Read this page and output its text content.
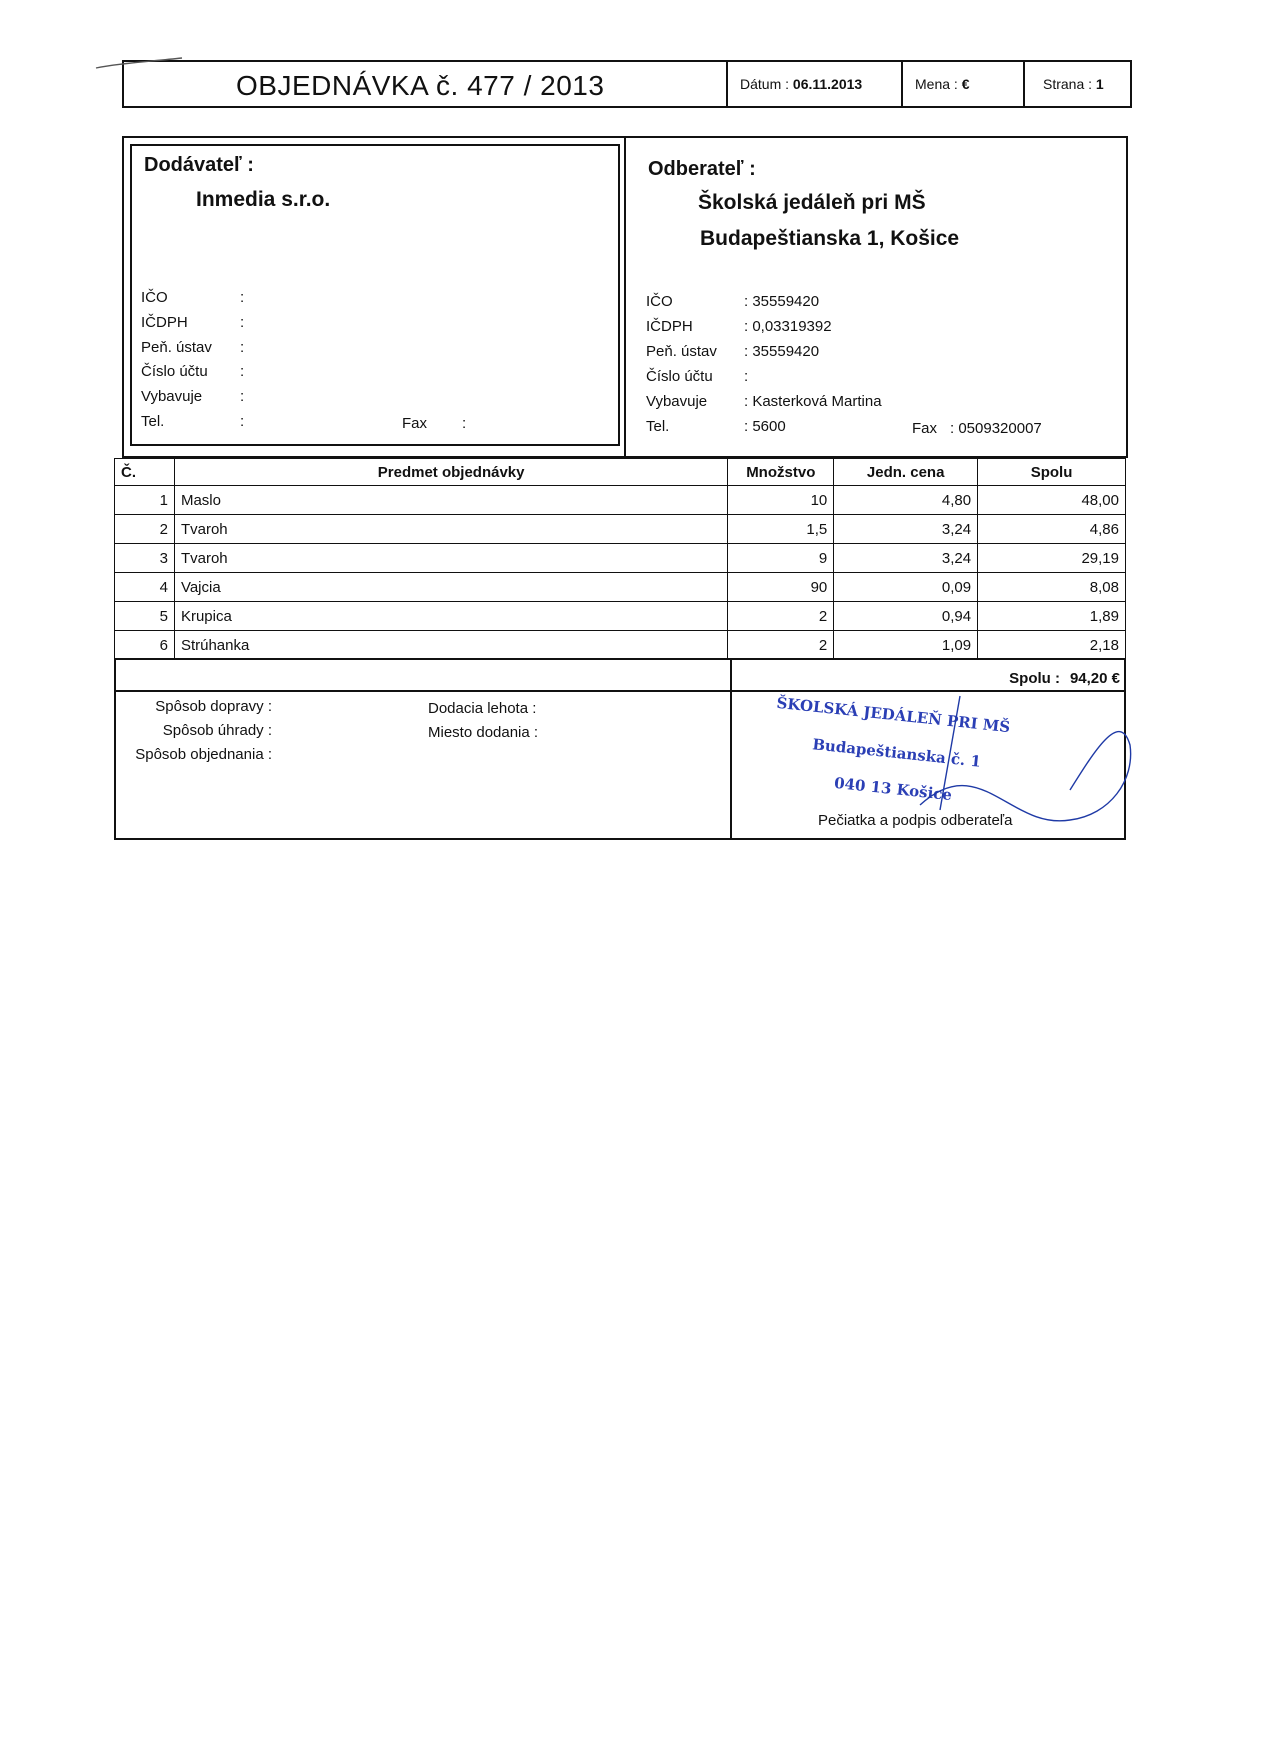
OBJEDNÁVKA č. 477 / 2013	Dátum : 06.11.2013	Mena : €	Strana : 1
Dodávateľ :
Inmedia s.r.o.
IČO	:
IČDPH	:
Peň. ústav :
Číslo účtu :
Vybavuje	:
Tel.	:	Fax :
Odberateľ :
Školská jedáleň pri MŠ
Budapeštianska 1, Košice
IČO	: 35559420
IČDPH	: 0,03319392
Peň. ústav : 35559420
Číslo účtu :
Vybavuje : Kasterková Martina
Tel.	: 5600	Fax : 0509320007
Č.	Predmet objednávky	Množstvo	Jedn. cena	Spolu
1	Maslo	10	4,80	48,00
2	Tvaroh	1,5	3,24	4,86
3	Tvaroh	9	3,24	29,19
4	Vajcia	90	0,09	8,08
5	Krupica	2	0,94	1,89
6	Strúhanka	2	1,09	2,18
Spolu : 94,20 €
Spôsob dopravy :
Spôsob úhrady :
Spôsob objednania :
Dodacia lehota :
Miesto dodania :	ŠKOLSKÁ JEDÁLEŇ PRI MŠ
Budapeštianska č. 1
040 13 Košice
Pečiatka a podpis odberateľa
